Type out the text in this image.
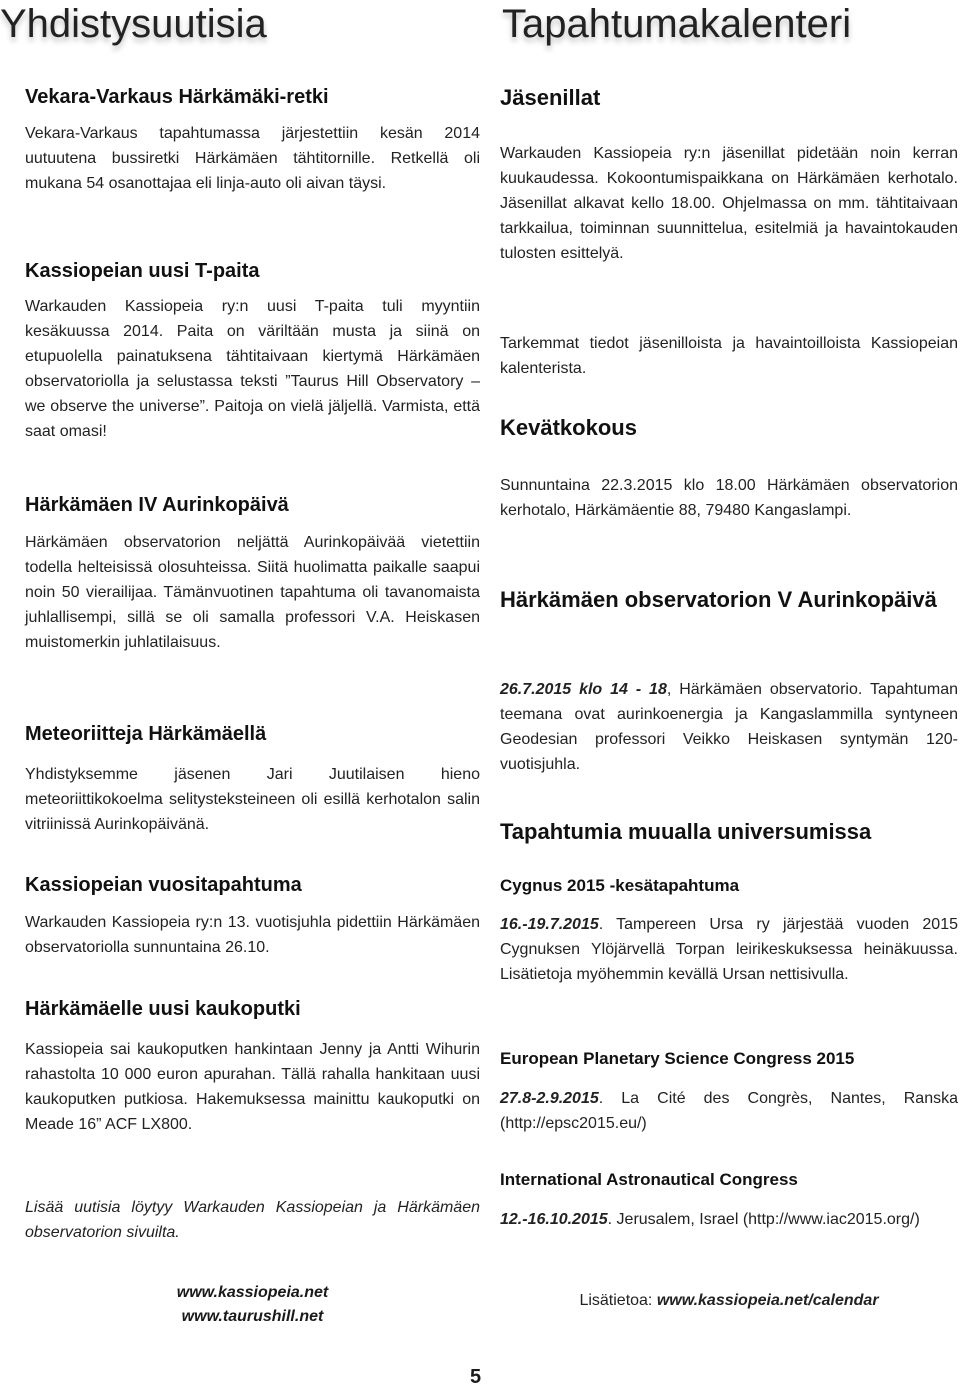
Yhdistysuutisia
Vekara-Varkaus Härkämäki-retki

Vekara-Varkaus tapahtumassa järjestettiin kesän 2014 uutuutena bussiretki Härkämäen tähtitornille. Retkellä oli mukana 54 osanottajaa eli linja-auto oli aivan täysi.

Kassiopeian uusi T-paita

Warkauden Kassiopeia ry:n uusi T-paita tuli myyntiin kesäkuussa 2014. Paita on väriltään musta ja siinä on etupuolella painatuksena tähtitaivaan kiertymä Härkämäen observatoriolla ja selustassa teksti ”Taurus Hill Observatory – we observe the universe”. Paitoja on vielä jäljellä. Varmista, että saat omasi!

Härkämäen IV Aurinkopäivä

Härkämäen observatorion neljättä Aurinkopäivää vietettiin todella helteisissä olosuhteissa. Siitä huolimatta paikalle saapui noin 50 vierailijaa. Tämänvuotinen tapahtuma oli tavanomaista juhlallisempi, sillä se oli samalla professori V.A. Heiskasen muistomerkin juhlatilaisuus.

Meteoriitteja Härkämäellä

Yhdistyksemme jäsenen Jari Juutilaisen hieno meteoriittikokoelma selitysteksteineen oli esillä kerhotalon salin vitriinissä Aurinkopäivänä.

Kassiopeian vuositapahtuma

Warkauden Kassiopeia ry:n 13. vuotisjuhla pidettiin Härkämäen observatoriolla sunnuntaina 26.10.

Härkämäelle uusi kaukoputki

Kassiopeia sai kaukoputken hankintaan Jenny ja Antti Wihurin rahastolta 10 000 euron apurahan. Tällä rahalla hankitaan uusi kaukoputken putkiosa. Hakemuksessa mainittu kaukoputki on Meade 16” ACF LX800.

Lisää uutisia löytyy Warkauden Kassiopeian ja Härkämäen observatorion sivuilta.

www.kassiopeia.net
www.taurushill.net
Tapahtumakalenteri
Jäsenillat

Warkauden Kassiopeia ry:n jäsenillat pidetään noin kerran kuukaudessa. Kokoontumispaikkana on Härkämäen kerhotalo. Jäsenillat alkavat kello 18.00. Ohjelmassa on mm. tähtitaivaan tarkkailua, toiminnan suunnittelua, esitelmiä ja havaintokauden tulosten esittelyä.

Tarkemmat tiedot jäsenilloista ja havaintoilloista Kassiopeian kalenterista.

Kevätkokous

Sunnuntaina 22.3.2015 klo 18.00 Härkämäen observatorion kerhotalo, Härkämäentie 88, 79480 Kangaslampi.

Härkämäen observatorion V Aurinkopäivä

26.7.2015 klo 14 - 18, Härkämäen observatorio. Tapahtuman teemana ovat aurinkoenergia ja Kangaslammilla syntyneen Geodesian professori Veikko Heiskasen syntymän 120-vuotisjuhla.

Tapahtumia muualla universumissa
Cygnus 2015 -kesätapahtuma

16.-19.7.2015. Tampereen Ursa ry järjestää vuoden 2015 Cygnuksen Ylöjärvellä Torpan leirikeskuksessa heinäkuussa. Lisätietoja myöhemmin kevällä Ursan nettisivulla.

European Planetary Science Congress 2015

27.8-2.9.2015. La Cité des Congrès, Nantes, Ranska (http://epsc2015.eu/)

International Astronautical Congress

12.-16.10.2015. Jerusalem, Israel (http://www.iac2015.org/)

Lisätietoa: www.kassiopeia.net/calendar

5
